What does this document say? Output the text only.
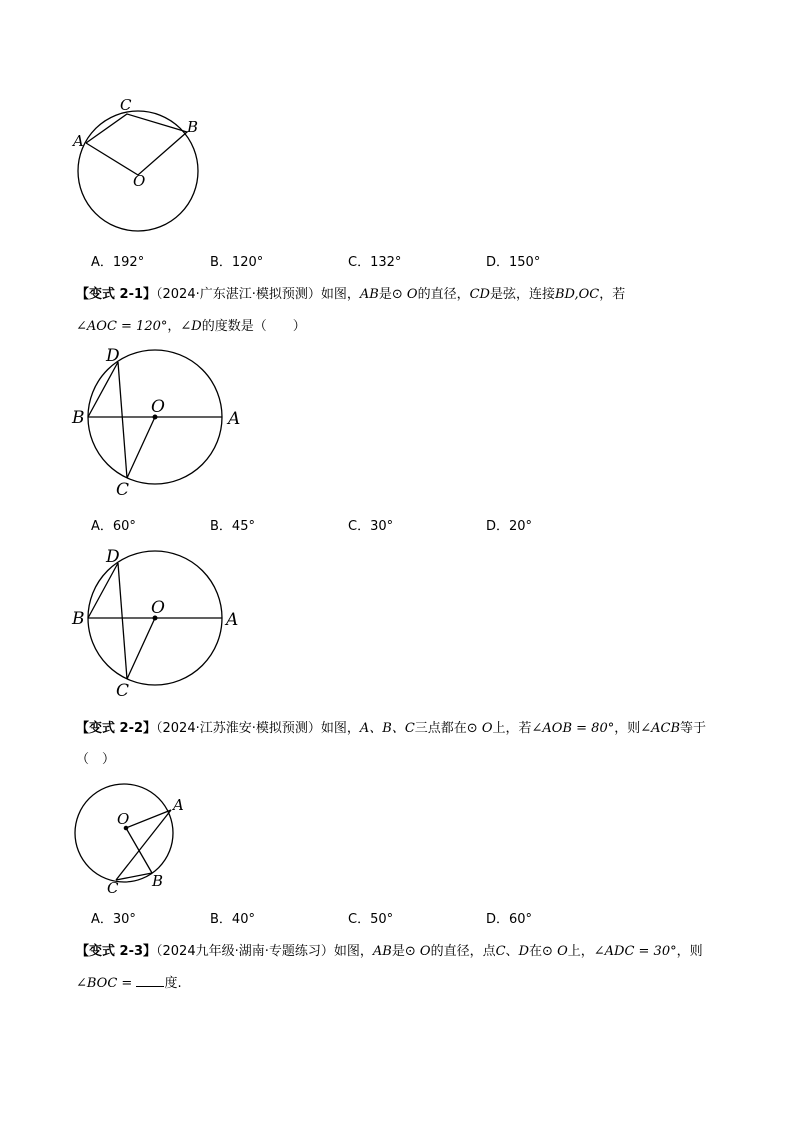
C
B
A
O
A．192°	B．120°	C．132°	D．150°
【变式 2-1】（2024·广东湛江·模拟预测）如图，AB是⊙ O的直径，CD是弦，连接BD,OC，若
∠AOC = 120°，∠D的度数是（　　）
D
O
B	A
C
A．60°	B．45°	C．30°	D．20°
D
O
B	A
C
【变式 2-2】（2024·江苏淮安·模拟预测）如图，A、B、C三点都在⊙ O上，若∠AOB = 80°，则∠ACB等于
（　）
O
A
C B
A．30°	B．40°	C．50°	D．60°
【变式 2-3】（2024九年级·湖南·专题练习）如图，AB是⊙ O的直径，点C、D在⊙ O上，∠ADC = 30°，则
∠BOC = 度.
